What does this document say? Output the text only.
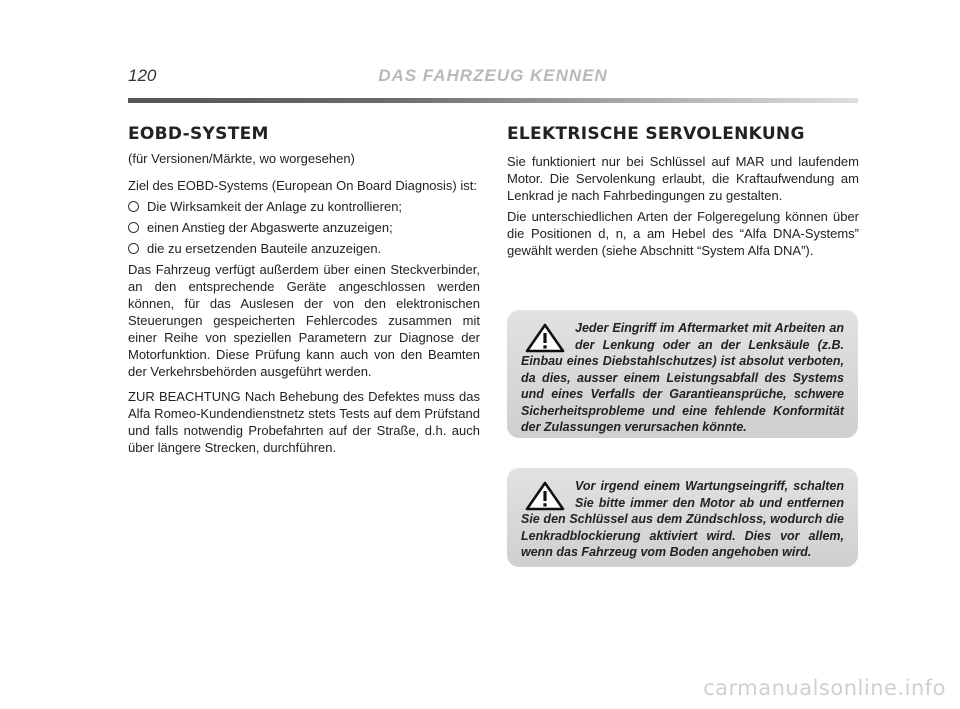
120	DAS FAHRZEUG KENNEN
EOBD-SYSTEM

(für Versionen/Märkte, wo worgesehen)

Ziel des EOBD-Systems (European On Board Diagnosis) ist:

Die Wirksamkeit der Anlage zu kontrollieren;

einen Anstieg der Abgaswerte anzuzeigen;

die zu ersetzenden Bauteile anzuzeigen.

Das Fahrzeug verfügt außerdem über einen Steckverbinder, an den entsprechende Geräte angeschlossen werden können, für das Auslesen der von den elektronischen Steuerungen gespeicherten Fehlercodes zusammen mit einer Reihe von speziellen Parametern zur Diagnose der Motorfunktion. Diese Prüfung kann auch von den Beamten der Verkehrsbehörden ausgeführt werden.

ZUR BEACHTUNG Nach Behebung des Defektes muss das Alfa Romeo-Kundendienstnetz stets Tests auf dem Prüfstand und falls notwendig Probefahrten auf der Straße, d.h. auch über längere Strecken, durchführen.

ELEKTRISCHE SERVOLENKUNG

Sie funktioniert nur bei Schlüssel auf MAR und laufendem Motor. Die Servolenkung erlaubt, die Kraftaufwendung am Lenkrad je nach Fahrbedingungen zu gestalten.

Die unterschiedlichen Arten der Folgeregelung können über die Positionen d, n, a am Hebel des “Alfa DNA-Systems” gewählt werden (siehe Abschnitt “System Alfa DNA”).

Jeder Eingriff im Aftermarket mit Arbeiten an der Lenkung oder an der Lenksäule (z.B. Einbau eines Diebstahlschutzes) ist absolut verboten, da dies, ausser einem Leistungsabfall des Systems und eines Verfalls der Garantieansprüche, schwere Sicherheitsprobleme und eine fehlende Konformität der Zulassungen verursachen könnte.
Vor irgend einem Wartungseingriff, schalten Sie bitte immer den Motor ab und entfernen Sie den Schlüssel aus dem Zündschloss, wodurch die Lenkradblockierung aktiviert wird. Dies vor allem, wenn das Fahrzeug vom Boden angehoben wird.
carmanualsonline.info
